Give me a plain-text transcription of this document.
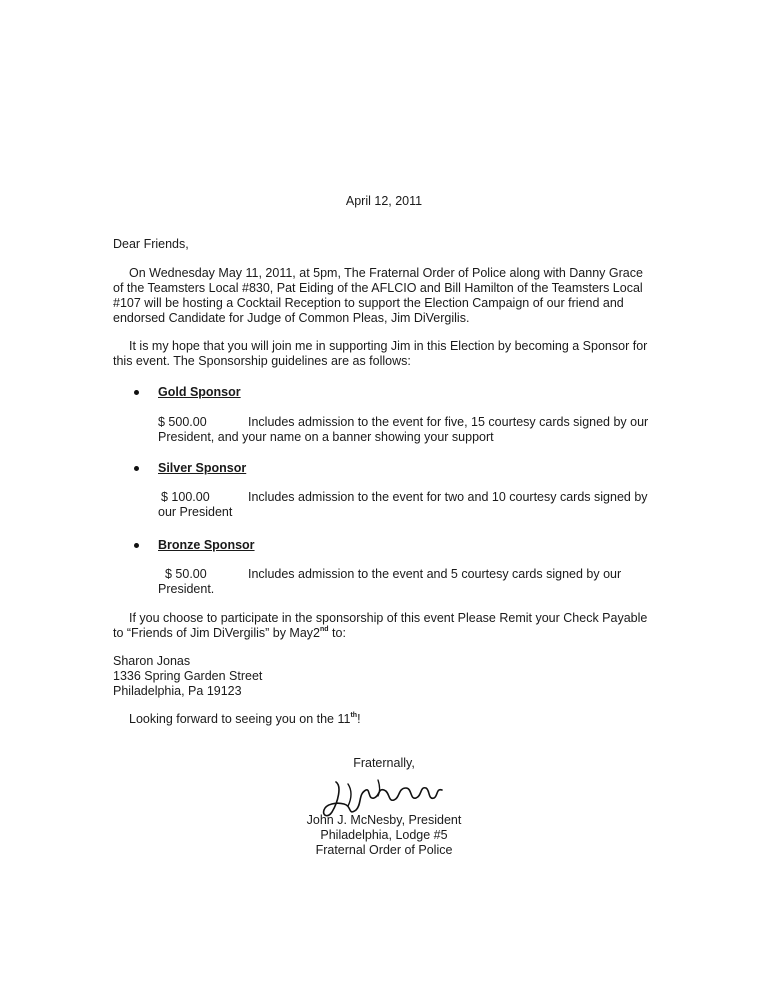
April 12, 2011

Dear Friends,

On Wednesday May 11, 2011, at 5pm, The Fraternal Order of Police along with Danny Grace of the Teamsters Local #830, Pat Eiding of the AFLCIO and Bill Hamilton of the Teamsters Local #107 will be hosting a Cocktail Reception to support the Election Campaign of our friend and endorsed Candidate for Judge of Common Pleas, Jim DiVergilis.

It is my hope that you will join me in supporting Jim in this Election by becoming a Sponsor for this event. The Sponsorship guidelines are as follows:

Gold Sponsor

$ 500.00	Includes admission to the event for five, 15 courtesy cards signed by our President, and your name on a banner showing your support

Silver Sponsor

$ 100.00	Includes admission to the event for two and 10 courtesy cards signed by our President

Bronze Sponsor

$ 50.00	Includes admission to the event and 5 courtesy cards signed by our President.

If you choose to participate in the sponsorship of this event Please Remit your Check Payable to “Friends of Jim DiVergilis” by May2nd to:

Sharon Jonas

1336 Spring Garden Street

Philadelphia, Pa 19123

Looking forward to seeing you on the 11th!

Fraternally,

John J. McNesby, President

Philadelphia, Lodge #5

Fraternal Order of Police
